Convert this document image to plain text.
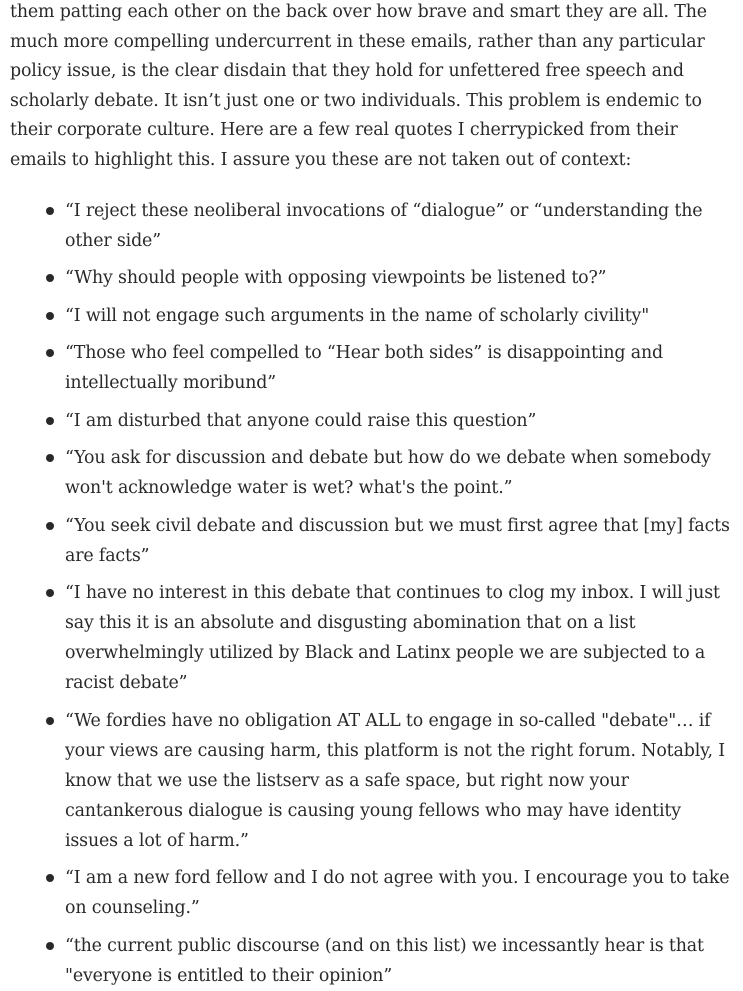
them patting each other on the back over how brave and smart they are all. The much more compelling undercurrent in these emails, rather than any particular policy issue, is the clear disdain that they hold for unfettered free speech and scholarly debate. It isn’t just one or two individuals. This problem is endemic to their corporate culture. Here are a few real quotes I cherrypicked from their emails to highlight this. I assure you these are not taken out of context:

“I reject these neoliberal invocations of “dialogue” or “understanding the other side”
“Why should people with opposing viewpoints be listened to?”
“I will not engage such arguments in the name of scholarly civility"
“Those who feel compelled to “Hear both sides” is disappointing and intellectually moribund”
“I am disturbed that anyone could raise this question”
“You ask for discussion and debate but how do we debate when somebody won't acknowledge water is wet? what's the point.”
“You seek civil debate and discussion but we must first agree that [my] facts are facts”
“I have no interest in this debate that continues to clog my inbox. I will just say this it is an absolute and disgusting abomination that on a list overwhelmingly utilized by Black and Latinx people we are subjected to a racist debate”
“We fordies have no obligation AT ALL to engage in so-called "debate"… if your views are causing harm, this platform is not the right forum. Notably, I know that we use the listserv as a safe space, but right now your cantankerous dialogue is causing young fellows who may have identity issues a lot of harm.”
“I am a new ford fellow and I do not agree with you. I encourage you to take on counseling.”
“the current public discourse (and on this list) we incessantly hear is that "everyone is entitled to their opinion”
